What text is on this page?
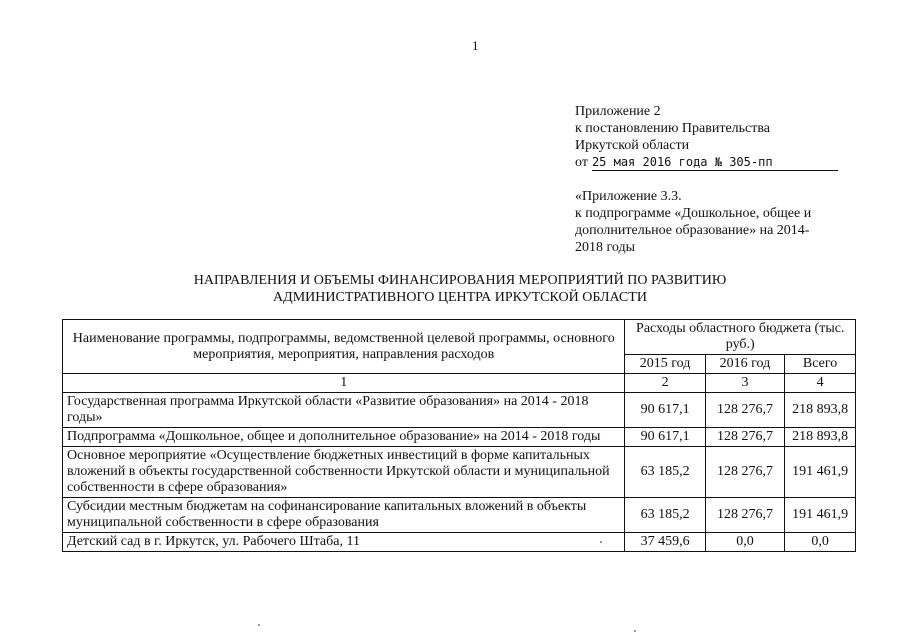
1
Приложение 2
к постановлению Правительства
Иркутской области
от 25 мая 2016 года № 305-пп
«Приложение 3.3.
к подпрограмме «Дошкольное, общее и
дополнительное образование» на 2014-
2018 годы
НАПРАВЛЕНИЯ И ОБЪЕМЫ ФИНАНСИРОВАНИЯ МЕРОПРИЯТИЙ ПО РАЗВИТИЮ
АДМИНИСТРАТИВНОГО ЦЕНТРА ИРКУТСКОЙ ОБЛАСТИ
Наименование программы, подпрограммы, ведомственной целевой программы, основного мероприятия, мероприятия, направления расходов	Расходы областного бюджета (тыс. руб.)		
	2015 год	2016 год	Всего
1	2	3	4
Государственная программа Иркутской области «Развитие образования» на 2014 - 2018 годы»	90 617,1	128 276,7	218 893,8
Подпрограмма «Дошкольное, общее и дополнительное образование» на 2014 - 2018 годы	90 617,1	128 276,7	218 893,8
Основное мероприятие «Осуществление бюджетных инвестиций в форме капитальных вложений в объекты государственной собственности Иркутской области и муниципальной собственности в сфере образования»	63 185,2	128 276,7	191 461,9
Субсидии местным бюджетам на софинансирование капитальных вложений в объекты муниципальной собственности в сфере образования	63 185,2	128 276,7	191 461,9
Детский сад в г. Иркутск, ул. Рабочего Штаба, 11	37 459,6	0,0	0,0
